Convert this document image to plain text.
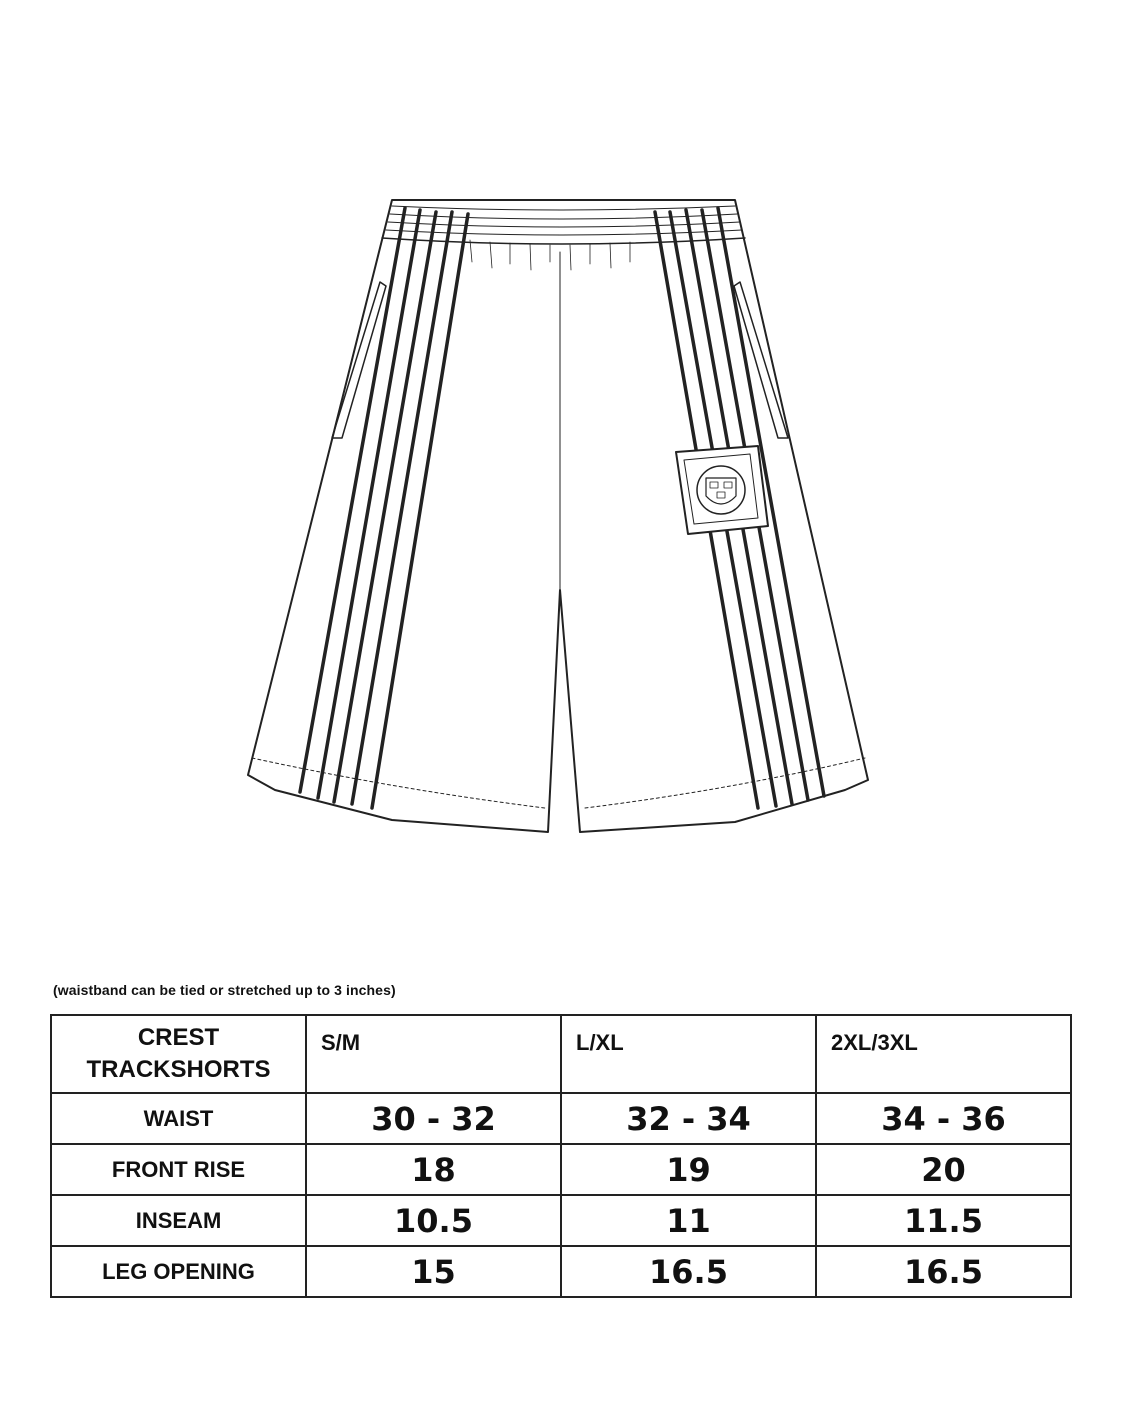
(waistband can be tied or stretched up to 3 inches)
CREST
TRACKSHORTS	S/M	L/XL	2XL/3XL
WAIST	30 - 32	32 - 34	34 - 36
FRONT RISE	18	19	20
INSEAM	10.5	11	11.5
LEG OPENING	15	16.5	16.5
